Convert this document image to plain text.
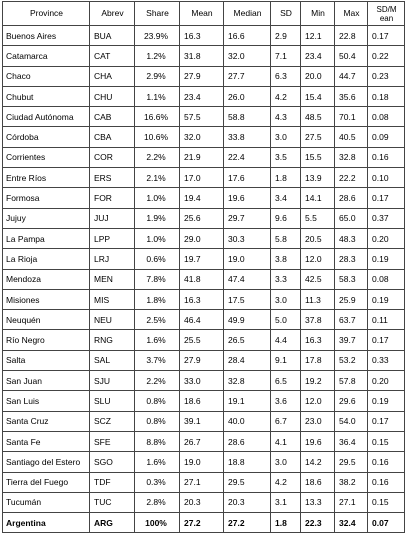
Province	Abrev	Share	Mean	Median	SD	Min	Max	SD/M ean
Buenos Aires	BUA	23.9%	16.3	16.6	2.9	12.1	22.8	0.17
Catamarca	CAT	1.2%	31.8	32.0	7.1	23.4	50.4	0.22
Chaco	CHA	2.9%	27.9	27.7	6.3	20.0	44.7	0.23
Chubut	CHU	1.1%	23.4	26.0	4.2	15.4	35.6	0.18
Ciudad Autónoma	CAB	16.6%	57.5	58.8	4.3	48.5	70.1	0.08
Córdoba	CBA	10.6%	32.0	33.8	3.0	27.5	40.5	0.09
Corrientes	COR	2.2%	21.9	22.4	3.5	15.5	32.8	0.16
Entre Ríos	ERS	2.1%	17.0	17.6	1.8	13.9	22.2	0.10
Formosa	FOR	1.0%	19.4	19.6	3.4	14.1	28.6	0.17
Jujuy	JUJ	1.9%	25.6	29.7	9.6	5.5	65.0	0.37
La Pampa	LPP	1.0%	29.0	30.3	5.8	20.5	48.3	0.20
La Rioja	LRJ	0.6%	19.7	19.0	3.8	12.0	28.3	0.19
Mendoza	MEN	7.8%	41.8	47.4	3.3	42.5	58.3	0.08
Misiones	MIS	1.8%	16.3	17.5	3.0	11.3	25.9	0.19
Neuquén	NEU	2.5%	46.4	49.9	5.0	37.8	63.7	0.11
Río Negro	RNG	1.6%	25.5	26.5	4.4	16.3	39.7	0.17
Salta	SAL	3.7%	27.9	28.4	9.1	17.8	53.2	0.33
San Juan	SJU	2.2%	33.0	32.8	6.5	19.2	57.8	0.20
San Luis	SLU	0.8%	18.6	19.1	3.6	12.0	29.6	0.19
Santa Cruz	SCZ	0.8%	39.1	40.0	6.7	23.0	54.0	0.17
Santa Fe	SFE	8.8%	26.7	28.6	4.1	19.6	36.4	0.15
Santiago del Estero	SGO	1.6%	19.0	18.8	3.0	14.2	29.5	0.16
Tierra del Fuego	TDF	0.3%	27.1	29.5	4.2	18.6	38.2	0.16
Tucumán	TUC	2.8%	20.3	20.3	3.1	13.3	27.1	0.15
Argentina	ARG	100%	27.2	27.2	1.8	22.3	32.4	0.07
